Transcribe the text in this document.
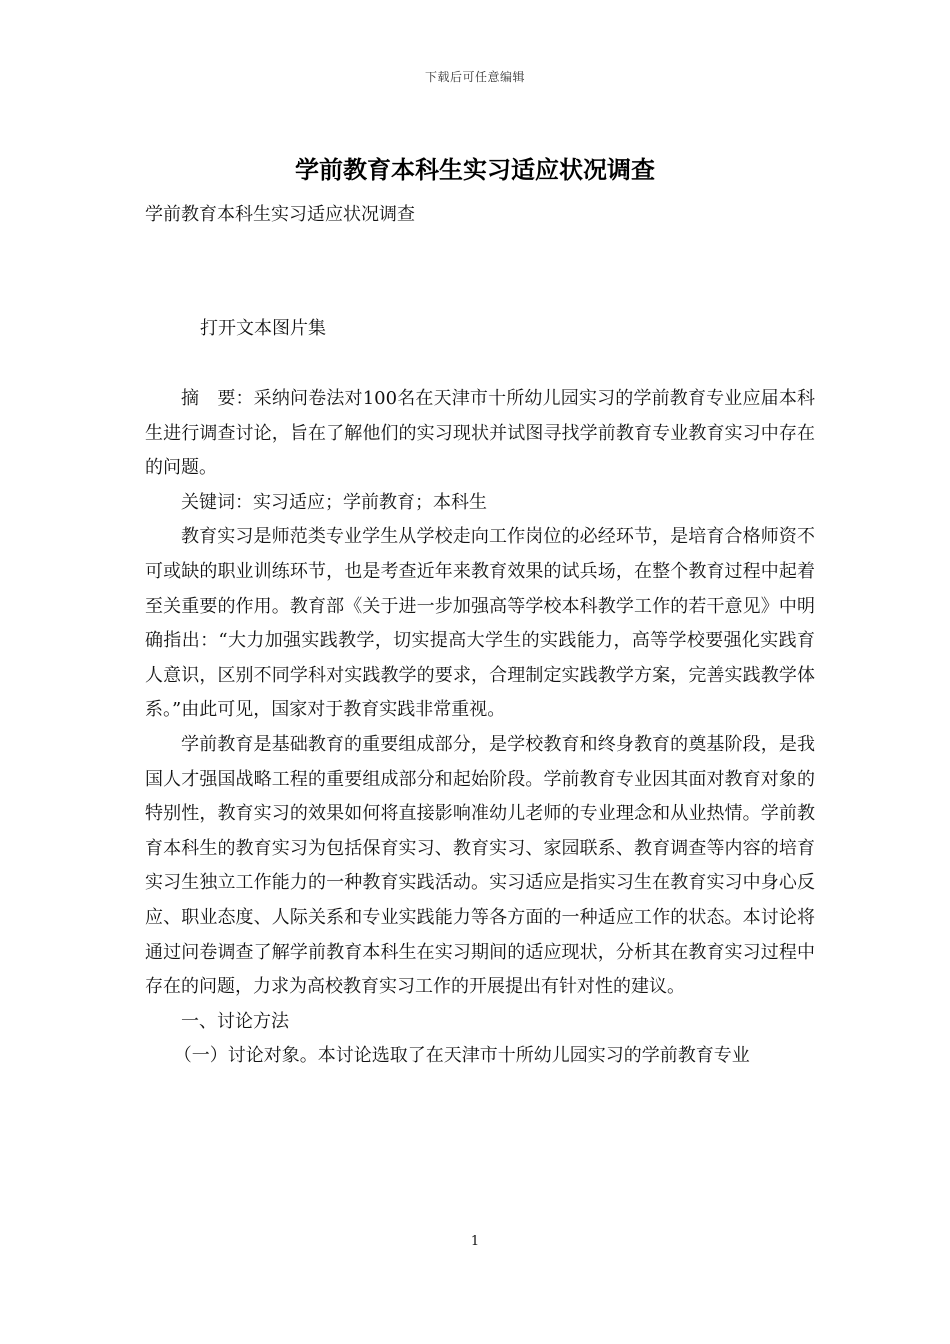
下载后可任意编辑
学前教育本科生实习适应状况调查
学前教育本科生实习适应状况调查
打开文本图片集

摘　要：采纳问卷法对100名在天津市十所幼儿园实习的学前教育专业应届本科生进行调查讨论，旨在了解他们的实习现状并试图寻找学前教育专业教育实习中存在的问题。

关键词：实习适应；学前教育；本科生

教育实习是师范类专业学生从学校走向工作岗位的必经环节，是培育合格师资不可或缺的职业训练环节，也是考查近年来教育效果的试兵场，在整个教育过程中起着至关重要的作用。教育部《关于进一步加强高等学校本科教学工作的若干意见》中明确指出：“大力加强实践教学，切实提高大学生的实践能力，高等学校要强化实践育人意识，区别不同学科对实践教学的要求，合理制定实践教学方案，完善实践教学体系。”由此可见，国家对于教育实践非常重视。

学前教育是基础教育的重要组成部分，是学校教育和终身教育的奠基阶段，是我国人才强国战略工程的重要组成部分和起始阶段。学前教育专业因其面对教育对象的特别性，教育实习的效果如何将直接影响准幼儿老师的专业理念和从业热情。学前教育本科生的教育实习为包括保育实习、教育实习、家园联系、教育调查等内容的培育实习生独立工作能力的一种教育实践活动。实习适应是指实习生在教育实习中身心反应、职业态度、人际关系和专业实践能力等各方面的一种适应工作的状态。本讨论将通过问卷调查了解学前教育本科生在实习期间的适应现状，分析其在教育实习过程中存在的问题，力求为高校教育实习工作的开展提出有针对性的建议。

一、讨论方法

（一）讨论对象。本讨论选取了在天津市十所幼儿园实习的学前教育专业

1
